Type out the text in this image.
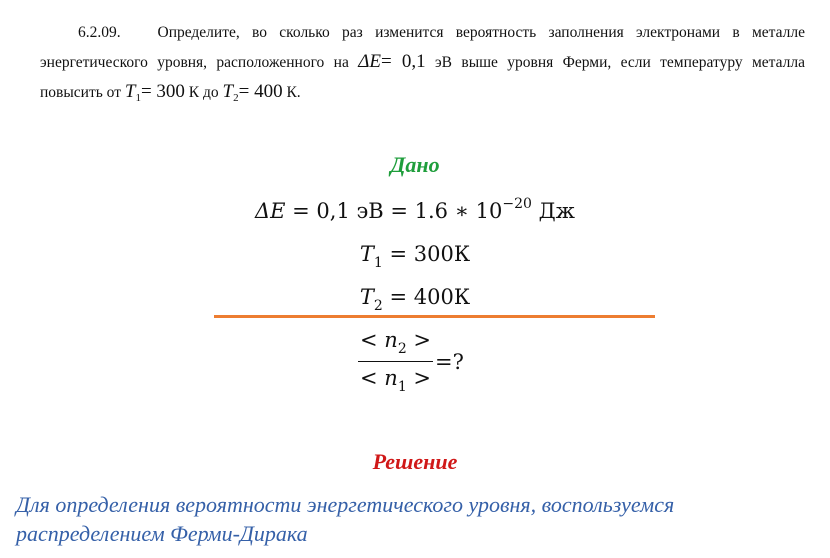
6.2.09. Определите, во сколько раз изменится вероятность заполнения электронами в металле энергетического уровня, расположенного на ΔE= 0,1 эВ выше уровня Ферми, если температуру металла повысить от $T_1= 300$ К до $T_2= 400$ К.
Дано
ΔE = 0,1 эВ = 1.6 ∗ $10^{-20}$ Дж
$T_1 = 300К$
$T_2 = 400К$
$\frac{< n_2 >}{< n_1 >}$ =?
Решение
Для определения вероятности энергетического уровня, воспользуемся распределением Ферми-Дирака
